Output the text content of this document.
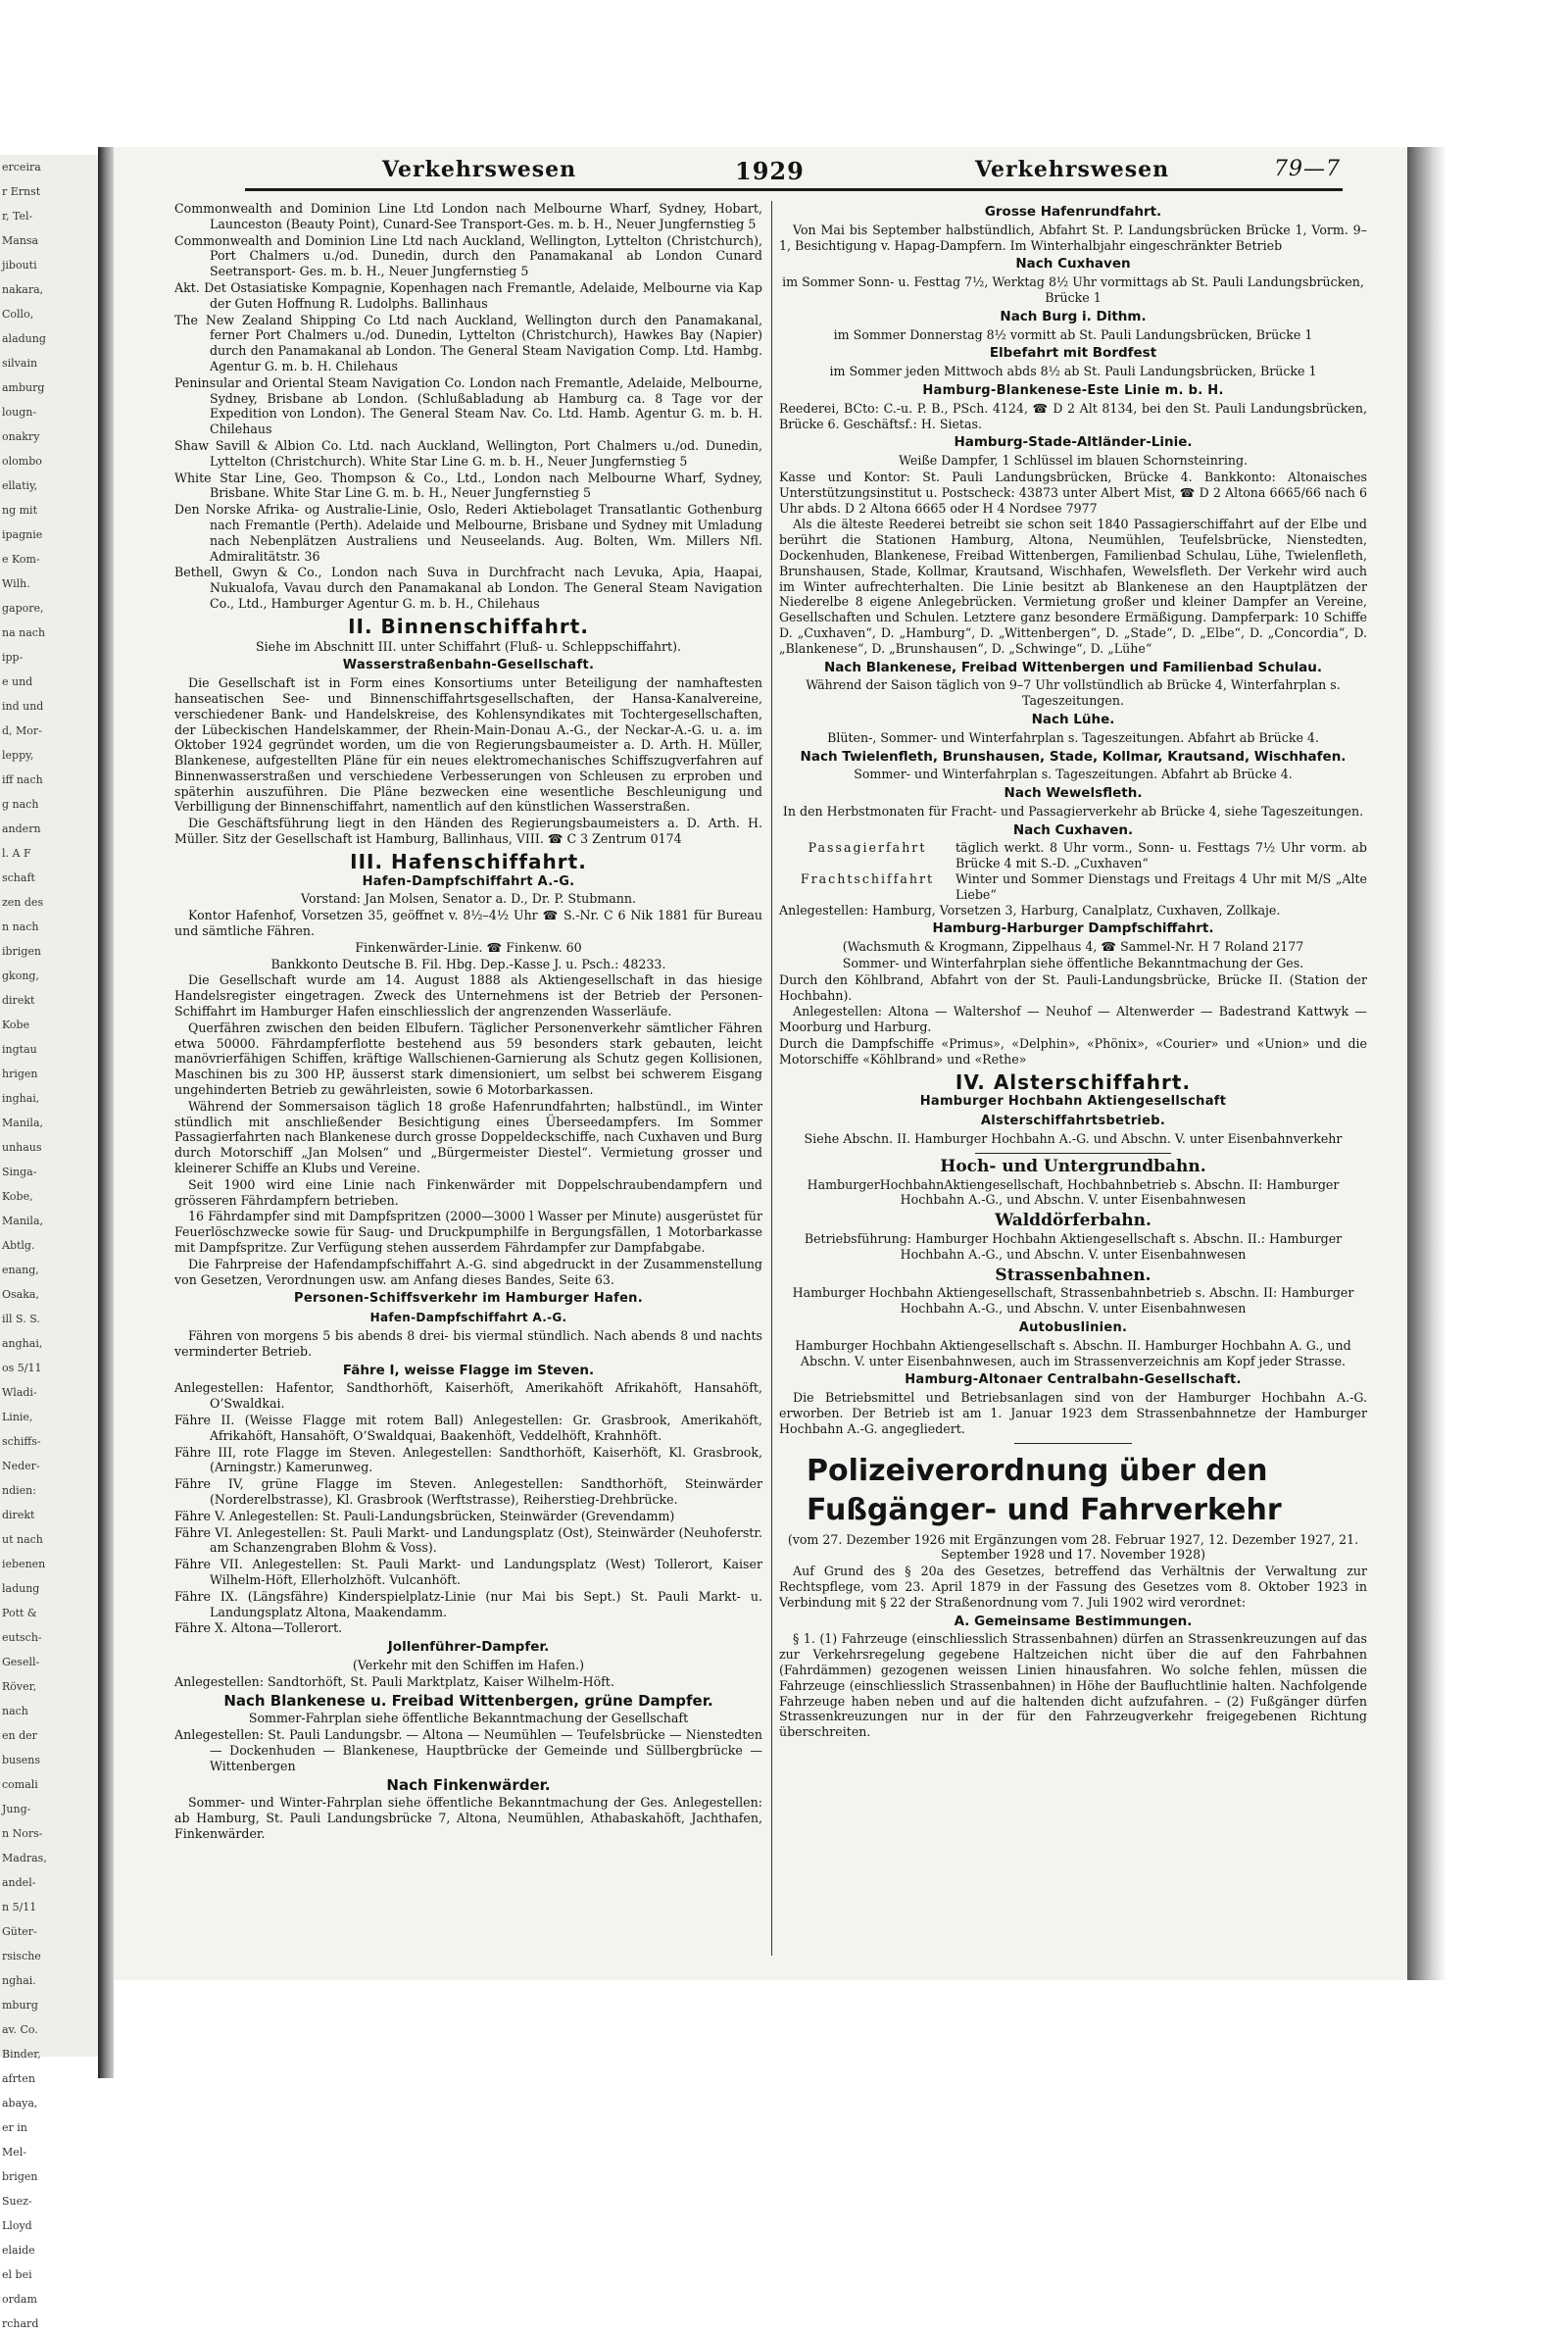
erceira
r Ernst
r, Tel-
Mansa
jibouti
nakara,
Collo,
aladung
silvain
amburg
lougn-
onakry
olombo
ellatiy,
ng mit
ipagnie
e Kom-
Wilh.
gapore,
na nach
ipp-
e und
ind und
d, Mor-
leppy,
iff nach
g nach
andern
l. A F
schaft
zen des
n nach
ibrigen
gkong,
direkt
Kobe
ingtau
hrigen
inghai,
Manila,
unhaus
Singa-
Kobe,
Manila,
Abtlg.
enang,
Osaka,
ill S. S.
anghai,
os 5/11
Wladi-
Linie,
schiffs-
Neder-
ndien:
direkt
ut nach
iebenen
ladung
Pott &
eutsch-
Gesell-
Röver,
nach
en der
busens
comali
Jung-
n Nors-
Madras,
andel-
n 5/11
Güter-
rsische
nghai.
mburg
av. Co.
Binder,
afrten
abaya,
er in
Mel-
brigen
Suez-
Lloyd
elaide
el bei
ordam
rchard
Verkehrswesen	1929	Verkehrswesen	79—7

Commonwealth and Dominion Line Ltd London nach Melbourne Wharf, Sydney, Hobart, Launceston (Beauty Point), Cunard-See Transport-Ges. m. b. H., Neuer Jungfernstieg 5

Commonwealth and Dominion Line Ltd nach Auckland, Wellington, Lyttelton (Christchurch), Port Chalmers u./od. Dunedin, durch den Panamakanal ab London Cunard Seetransport- Ges. m. b. H., Neuer Jungfernstieg 5

Akt. Det Ostasiatiske Kompagnie, Kopenhagen nach Fremantle, Adelaide, Melbourne via Kap der Guten Hoffnung R. Ludolphs. Ballinhaus

The New Zealand Shipping Co Ltd nach Auckland, Wellington durch den Panamakanal, ferner Port Chalmers u./od. Dunedin, Lyttelton (Christchurch), Hawkes Bay (Napier) durch den Panamakanal ab London. The General Steam Navigation Comp. Ltd. Hambg. Agentur G. m. b. H. Chilehaus

Peninsular and Oriental Steam Navigation Co. London nach Fremantle, Adelaide, Melbourne, Sydney, Brisbane ab London. (Schlußabladung ab Hamburg ca. 8 Tage vor der Expedition von London). The General Steam Nav. Co. Ltd. Hamb. Agentur G. m. b. H. Chilehaus

Shaw Savill & Albion Co. Ltd. nach Auckland, Wellington, Port Chalmers u./od. Dunedin, Lyttelton (Christchurch). White Star Line G. m. b. H., Neuer Jungfernstieg 5

White Star Line, Geo. Thompson & Co., Ltd., London nach Melbourne Wharf, Sydney, Brisbane. White Star Line G. m. b. H., Neuer Jungfernstieg 5

Den Norske Afrika- og Australie-Linie, Oslo, Rederi Aktiebolaget Transatlantic Gothenburg nach Fremantle (Perth). Adelaide und Melbourne, Brisbane und Sydney mit Umladung nach Nebenplätzen Australiens und Neuseelands. Aug. Bolten, Wm. Millers Nfl. Admiralitätstr. 36

Bethell, Gwyn & Co., London nach Suva in Durchfracht nach Levuka, Apia, Haapai, Nukualofa, Vavau durch den Panamakanal ab London. The General Steam Navigation Co., Ltd., Hamburger Agentur G. m. b. H., Chilehaus

II. Binnenschiffahrt.

Siehe im Abschnitt III. unter Schiffahrt (Fluß- u. Schleppschiffahrt).

Wasserstraßenbahn-Gesellschaft.

Die Gesellschaft ist in Form eines Konsortiums unter Beteiligung der namhaftesten hanseatischen See- und Binnenschiffahrtsgesellschaften, der Hansa-Kanalvereine, verschiedener Bank- und Handelskreise, des Kohlensyndikates mit Tochtergesellschaften, der Lübeckischen Handelskammer, der Rhein-Main-Donau A.-G., der Neckar-A.-G. u. a. im Oktober 1924 gegründet worden, um die von Regierungsbaumeister a. D. Arth. H. Müller, Blankenese, aufgestellten Pläne für ein neues elektromechanisches Schiffszugverfahren auf Binnenwasserstraßen und verschiedene Verbesserungen von Schleusen zu erproben und späterhin auszuführen. Die Pläne bezwecken eine wesentliche Beschleunigung und Verbilligung der Binnenschiffahrt, namentlich auf den künstlichen Wasserstraßen.

Die Geschäftsführung liegt in den Händen des Regierungsbaumeisters a. D. Arth. H. Müller. Sitz der Gesellschaft ist Hamburg, Ballinhaus, VIII. ☎ C 3 Zentrum 0174

III. Hafenschiffahrt.
Hafen-Dampfschiffahrt A.-G.

Vorstand: Jan Molsen, Senator a. D., Dr. P. Stubmann.

Kontor Hafenhof, Vorsetzen 35, geöffnet v. 8½–4½ Uhr ☎ S.-Nr. C 6 Nik 1881 für Bureau und sämtliche Fähren.

Finkenwärder-Linie. ☎ Finkenw. 60

Bankkonto Deutsche B. Fil. Hbg. Dep.-Kasse J. u. Psch.: 48233.

Die Gesellschaft wurde am 14. August 1888 als Aktiengesellschaft in das hiesige Handelsregister eingetragen. Zweck des Unternehmens ist der Betrieb der Personen-Schiffahrt im Hamburger Hafen einschliesslich der angrenzenden Wasserläufe.

Querfähren zwischen den beiden Elbufern. Täglicher Personenverkehr sämtlicher Fähren etwa 50000. Fährdampferflotte bestehend aus 59 besonders stark gebauten, leicht manövrierfähigen Schiffen, kräftige Wallschienen-Garnierung als Schutz gegen Kollisionen, Maschinen bis zu 300 HP, äusserst stark dimensioniert, um selbst bei schwerem Eisgang ungehinderten Betrieb zu gewährleisten, sowie 6 Motorbarkassen.

Während der Sommersaison täglich 18 große Hafenrundfahrten; halbstündl., im Winter stündlich mit anschließender Besichtigung eines Überseedampfers. Im Sommer Passagierfahrten nach Blankenese durch grosse Doppeldeckschiffe, nach Cuxhaven und Burg durch Motorschiff „Jan Molsen“ und „Bürgermeister Diestel“. Vermietung grosser und kleinerer Schiffe an Klubs und Vereine.

Seit 1900 wird eine Linie nach Finkenwärder mit Doppelschraubendampfern und grösseren Fährdampfern betrieben.

16 Fährdampfer sind mit Dampfspritzen (2000—3000 l Wasser per Minute) ausgerüstet für Feuerlöschzwecke sowie für Saug- und Druckpumphilfe in Bergungsfällen, 1 Motorbarkasse mit Dampfspritze. Zur Verfügung stehen ausserdem Fährdampfer zur Dampfabgabe.

Die Fahrpreise der Hafendampfschiffahrt A.-G. sind abgedruckt in der Zusammenstellung von Gesetzen, Verordnungen usw. am Anfang dieses Bandes, Seite 63.

Personen-Schiffsverkehr im Hamburger Hafen.
Hafen-Dampfschiffahrt A.-G.

Fähren von morgens 5 bis abends 8 drei- bis viermal stündlich. Nach abends 8 und nachts verminderter Betrieb.

Fähre I, weisse Flagge im Steven.

Anlegestellen: Hafentor, Sandthorhöft, Kaiserhöft, Amerikahöft Afrikahöft, Hansahöft, O’Swaldkai.

Fähre II. (Weisse Flagge mit rotem Ball) Anlegestellen: Gr. Grasbrook, Amerikahöft, Afrikahöft, Hansahöft, O’Swaldquai, Baakenhöft, Veddelhöft, Krahnhöft.

Fähre III, rote Flagge im Steven. Anlegestellen: Sandthorhöft, Kaiserhöft, Kl. Grasbrook, (Arningstr.) Kamerunweg.

Fähre IV, grüne Flagge im Steven. Anlegestellen: Sandthorhöft, Steinwärder (Norderelbstrasse), Kl. Grasbrook (Werftstrasse), Reiherstieg-Drehbrücke.

Fähre V. Anlegestellen: St. Pauli-Landungsbrücken, Steinwärder (Grevendamm)

Fähre VI. Anlegestellen: St. Pauli Markt- und Landungsplatz (Ost), Steinwärder (Neuhoferstr. am Schanzengraben Blohm & Voss).

Fähre VII. Anlegestellen: St. Pauli Markt- und Landungsplatz (West) Tollerort, Kaiser Wilhelm-Höft, Ellerholzhöft. Vulcanhöft.

Fähre IX. (Längsfähre) Kinderspielplatz-Linie (nur Mai bis Sept.) St. Pauli Markt- u. Landungsplatz Altona, Maakendamm.

Fähre X. Altona—Tollerort.

Jollenführer-Dampfer.

(Verkehr mit den Schiffen im Hafen.)

Anlegestellen: Sandtorhöft, St. Pauli Marktplatz, Kaiser Wilhelm-Höft.

Nach Blankenese u. Freibad Wittenbergen, grüne Dampfer.

Sommer-Fahrplan siehe öffentliche Bekanntmachung der Gesellschaft

Anlegestellen: St. Pauli Landungsbr. — Altona — Neumühlen — Teufelsbrücke — Nienstedten — Dockenhuden — Blankenese, Hauptbrücke der Gemeinde und Süllbergbrücke — Wittenbergen

Nach Finkenwärder.

Sommer- und Winter-Fahrplan siehe öffentliche Bekanntmachung der Ges. Anlegestellen: ab Hamburg, St. Pauli Landungsbrücke 7, Altona, Neumühlen, Athabaskahöft, Jachthafen, Finkenwärder.

Grosse Hafenrundfahrt.

Von Mai bis September halbstündlich, Abfahrt St. P. Landungsbrücken Brücke 1, Vorm. 9–1, Besichtigung v. Hapag-Dampfern. Im Winterhalbjahr eingeschränkter Betrieb

Nach Cuxhaven

im Sommer Sonn- u. Festtag 7½, Werktag 8½ Uhr vormittags ab St. Pauli Landungsbrücken, Brücke 1

Nach Burg i. Dithm.

im Sommer Donnerstag 8½ vormitt ab St. Pauli Landungsbrücken, Brücke 1

Elbefahrt mit Bordfest

im Sommer jeden Mittwoch abds 8½ ab St. Pauli Landungsbrücken, Brücke 1

Hamburg-Blankenese-Este Linie m. b. H.

Reederei, BCto: C.-u. P. B., PSch. 4124, ☎ D 2 Alt 8134, bei den St. Pauli Landungsbrücken, Brücke 6. Geschäftsf.: H. Sietas.

Hamburg-Stade-Altländer-Linie.

Weiße Dampfer, 1 Schlüssel im blauen Schornsteinring.

Kasse und Kontor: St. Pauli Landungsbrücken, Brücke 4. Bankkonto: Altonaisches Unterstützungsinstitut u. Postscheck: 43873 unter Albert Mist, ☎ D 2 Altona 6665/66 nach 6 Uhr abds. D 2 Altona 6665 oder H 4 Nordsee 7977

Als die älteste Reederei betreibt sie schon seit 1840 Passagierschiffahrt auf der Elbe und berührt die Stationen Hamburg, Altona, Neumühlen, Teufelsbrücke, Nienstedten, Dockenhuden, Blankenese, Freibad Wittenbergen, Familienbad Schulau, Lühe, Twielenfleth, Brunshausen, Stade, Kollmar, Krautsand, Wischhafen, Wewelsfleth. Der Verkehr wird auch im Winter aufrechterhalten. Die Linie besitzt ab Blankenese an den Hauptplätzen der Niederelbe 8 eigene Anlegebrücken. Vermietung großer und kleiner Dampfer an Vereine, Gesellschaften und Schulen. Letztere ganz besondere Ermäßigung. Dampferpark: 10 Schiffe D. „Cuxhaven“, D. „Hamburg“, D. „Wittenbergen“, D. „Stade“, D. „Elbe“, D. „Concordia“, D. „Blankenese“, D. „Brunshausen“, D. „Schwinge“, D. „Lühe“

Nach Blankenese, Freibad Wittenbergen und Familienbad Schulau.

Während der Saison täglich von 9–7 Uhr vollstündlich ab Brücke 4, Winterfahrplan s. Tageszeitungen.

Nach Lühe.

Blüten-, Sommer- und Winterfahrplan s. Tageszeitungen. Abfahrt ab Brücke 4.

Nach Twielenfleth, Brunshausen, Stade, Kollmar, Krautsand, Wischhafen.

Sommer- und Winterfahrplan s. Tageszeitungen. Abfahrt ab Brücke 4.

Nach Wewelsfleth.

In den Herbstmonaten für Fracht- und Passagierverkehr ab Brücke 4, siehe Tageszeitungen.

Nach Cuxhaven.
Passagierfahrt	täglich werkt. 8 Uhr vorm., Sonn- u. Festtags 7½ Uhr vorm. ab Brücke 4 mit S.-D. „Cuxhaven“
Frachtschiffahrt	Winter und Sommer Dienstags und Freitags 4 Uhr mit M/S „Alte Liebe“

Anlegestellen: Hamburg, Vorsetzen 3, Harburg, Canalplatz, Cuxhaven, Zollkaje.

Hamburg-Harburger Dampfschiffahrt.

(Wachsmuth & Krogmann, Zippelhaus 4, ☎ Sammel-Nr. H 7 Roland 2177

Sommer- und Winterfahrplan siehe öffentliche Bekanntmachung der Ges.

Durch den Köhlbrand, Abfahrt von der St. Pauli-Landungsbrücke, Brücke II. (Station der Hochbahn).

Anlegestellen: Altona — Waltershof — Neuhof — Altenwerder — Badestrand Kattwyk — Moorburg und Harburg.

Durch die Dampfschiffe «Primus», «Delphin», «Phönix», «Courier» und «Union» und die Motorschiffe «Köhlbrand» und «Rethe»

IV. Alsterschiffahrt.
Hamburger Hochbahn Aktiengesellschaft
Alsterschiffahrtsbetrieb.

Siehe Abschn. II. Hamburger Hochbahn A.-G. und Abschn. V. unter Eisenbahnverkehr

Hoch- und Untergrundbahn.

HamburgerHochbahnAktiengesellschaft, Hochbahnbetrieb s. Abschn. II: Hamburger Hochbahn A.-G., und Abschn. V. unter Eisenbahnwesen

Walddörferbahn.

Betriebsführung: Hamburger Hochbahn Aktiengesellschaft s. Abschn. II.: Hamburger Hochbahn A.-G., und Abschn. V. unter Eisenbahnwesen

Strassenbahnen.

Hamburger Hochbahn Aktiengesellschaft, Strassenbahnbetrieb s. Abschn. II: Hamburger Hochbahn A.-G., und Abschn. V. unter Eisenbahnwesen

Autobuslinien.

Hamburger Hochbahn Aktiengesellschaft s. Abschn. II. Hamburger Hochbahn A. G., und Abschn. V. unter Eisenbahnwesen, auch im Strassenverzeichnis am Kopf jeder Strasse.

Hamburg-Altonaer Centralbahn-Gesellschaft.

Die Betriebsmittel und Betriebsanlagen sind von der Hamburger Hochbahn A.-G. erworben. Der Betrieb ist am 1. Januar 1923 dem Strassenbahnnetze der Hamburger Hochbahn A.-G. angegliedert.

Polizeiverordnung über den
Fußgänger- und Fahrverkehr

(vom 27. Dezember 1926 mit Ergänzungen vom 28. Februar 1927, 12. Dezember 1927, 21. September 1928 und 17. November 1928)

Auf Grund des § 20a des Gesetzes, betreffend das Verhältnis der Verwaltung zur Rechtspflege, vom 23. April 1879 in der Fassung des Gesetzes vom 8. Oktober 1923 in Verbindung mit § 22 der Straßenordnung vom 7. Juli 1902 wird verordnet:

A. Gemeinsame Bestimmungen.

§ 1. (1) Fahrzeuge (einschliesslich Strassenbahnen) dürfen an Strassenkreuzungen auf das zur Verkehrsregelung gegebene Haltzeichen nicht über die auf den Fahrbahnen (Fahrdämmen) gezogenen weissen Linien hinausfahren. Wo solche fehlen, müssen die Fahrzeuge (einschliesslich Strassenbahnen) in Höhe der Baufluchtlinie halten. Nachfolgende Fahrzeuge haben neben und auf die haltenden dicht aufzufahren. – (2) Fußgänger dürfen Strassenkreuzungen nur in der für den Fahrzeugverkehr freigegebenen Richtung überschreiten.
